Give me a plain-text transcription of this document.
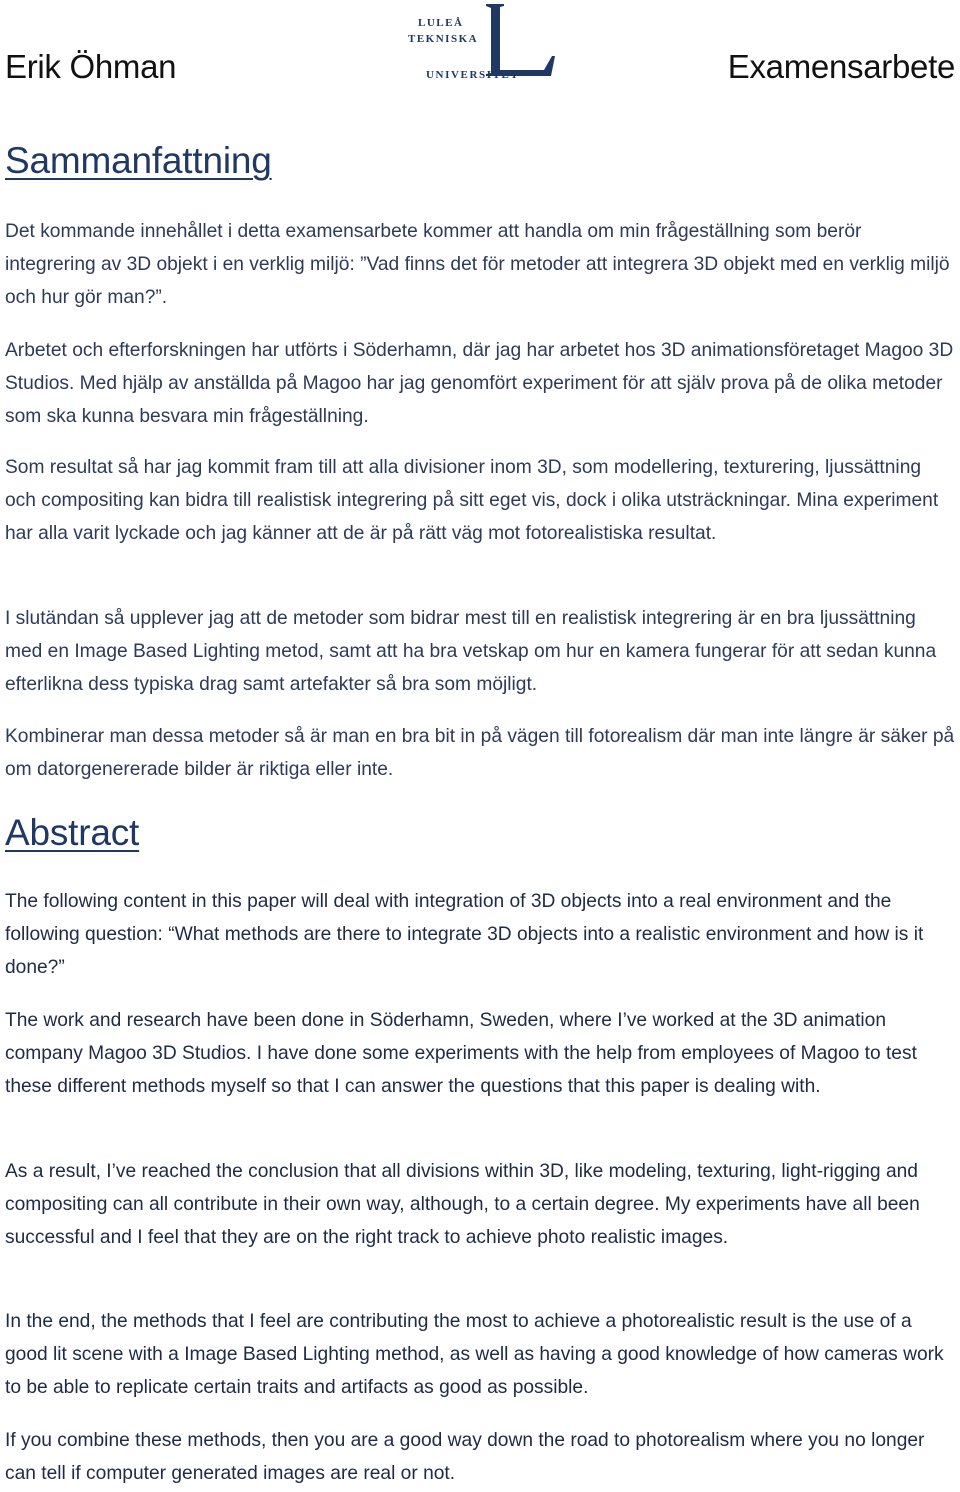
Erik Öhman
LULEÅ
TEKNISKA
UNIVERSITET	Examensarbete
Sammanfattning

Det kommande innehållet i detta examensarbete kommer att handla om min frågeställning som berör integrering av 3D objekt i en verklig miljö: ”Vad finns det för metoder att integrera 3D objekt med en verklig miljö och hur gör man?”.

Arbetet och efterforskningen har utförts i Söderhamn, där jag har arbetet hos 3D animationsföretaget Magoo 3D Studios. Med hjälp av anställda på Magoo har jag genomfört experiment för att själv prova på de olika metoder som ska kunna besvara min frågeställning.

Som resultat så har jag kommit fram till att alla divisioner inom 3D, som modellering, texturering, ljussättning och compositing kan bidra till realistisk integrering på sitt eget vis, dock i olika utsträckningar. Mina experiment har alla varit lyckade och jag känner att de är på rätt väg mot fotorealistiska resultat.

I slutändan så upplever jag att de metoder som bidrar mest till en realistisk integrering är en bra ljussättning med en Image Based Lighting metod, samt att ha bra vetskap om hur en kamera fungerar för att sedan kunna efterlikna dess typiska drag samt artefakter så bra som möjligt.

Kombinerar man dessa metoder så är man en bra bit in på vägen till fotorealism där man inte längre är säker på om datorgenererade bilder är riktiga eller inte.

Abstract

The following content in this paper will deal with integration of 3D objects into a real environment and the following question: “What methods are there to integrate 3D objects into a realistic environment and how is it done?”

The work and research have been done in Söderhamn, Sweden, where I’ve worked at the 3D animation company Magoo 3D Studios. I have done some experiments with the help from employees of Magoo to test these different methods myself so that I can answer the questions that this paper is dealing with.

As a result, I’ve reached the conclusion that all divisions within 3D, like modeling, texturing, light-rigging and compositing can all contribute in their own way, although, to a certain degree. My experiments have all been successful and I feel that they are on the right track to achieve photo realistic images.

In the end, the methods that I feel are contributing the most to achieve a photorealistic result is the use of a good lit scene with a Image Based Lighting method, as well as having a good knowledge of how cameras work to be able to replicate certain traits and artifacts as good as possible.

If you combine these methods, then you are a good way down the road to photorealism where you no longer can tell if computer generated images are real or not.
